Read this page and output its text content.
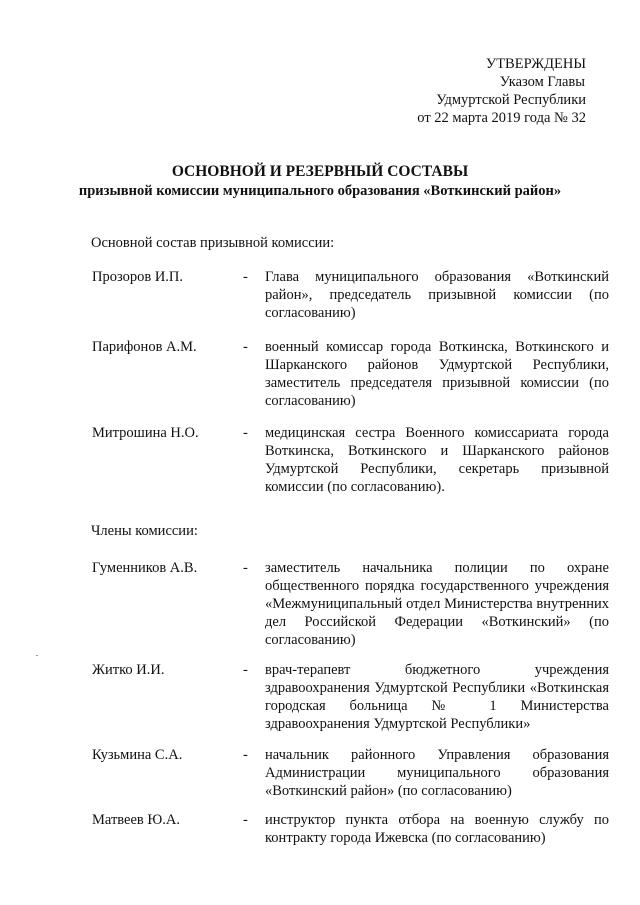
УТВЕРЖДЕНЫ
Указом Главы
Удмуртской Республики
от 22 марта 2019 года № 32
ОСНОВНОЙ И РЕЗЕРВНЫЙ СОСТАВЫ
призывной комиссии муниципального образования «Воткинский район»
Основной состав призывной комиссии:
Прозоров И.П.	- Глава муниципального образования «Воткинский район», председатель призывной комиссии (по согласованию)
Парифонов А.М.	- военный комиссар города Воткинска, Воткинского и Шарканского районов Удмуртской Республики, заместитель председателя призывной комиссии (по согласованию)
Митрошина Н.О.	- медицинская сестра Военного комиссариата города Воткинска, Воткинского и Шарканского районов Удмуртской Республики, секретарь призывной комиссии (по согласованию).
Члены комиссии:
Гуменников А.В.	- заместитель начальника полиции по охране общественного порядка государственного учреждения «Межмуниципальный отдел Министерства внутренних дел Российской Федерации «Воткинский» (по согласованию)
Житко И.И.	- врач-терапевт бюджетного учреждения здравоохранения Удмуртской Республики «Воткинская городская больница № 1 Министерства здравоохранения Удмуртской Республики»
Кузьмина С.А.	- начальник районного Управления образования Администрации муниципального образования «Воткинский район» (по согласованию)
Матвеев Ю.А.	- инструктор пункта отбора на военную службу по контракту города Ижевска (по согласованию)
